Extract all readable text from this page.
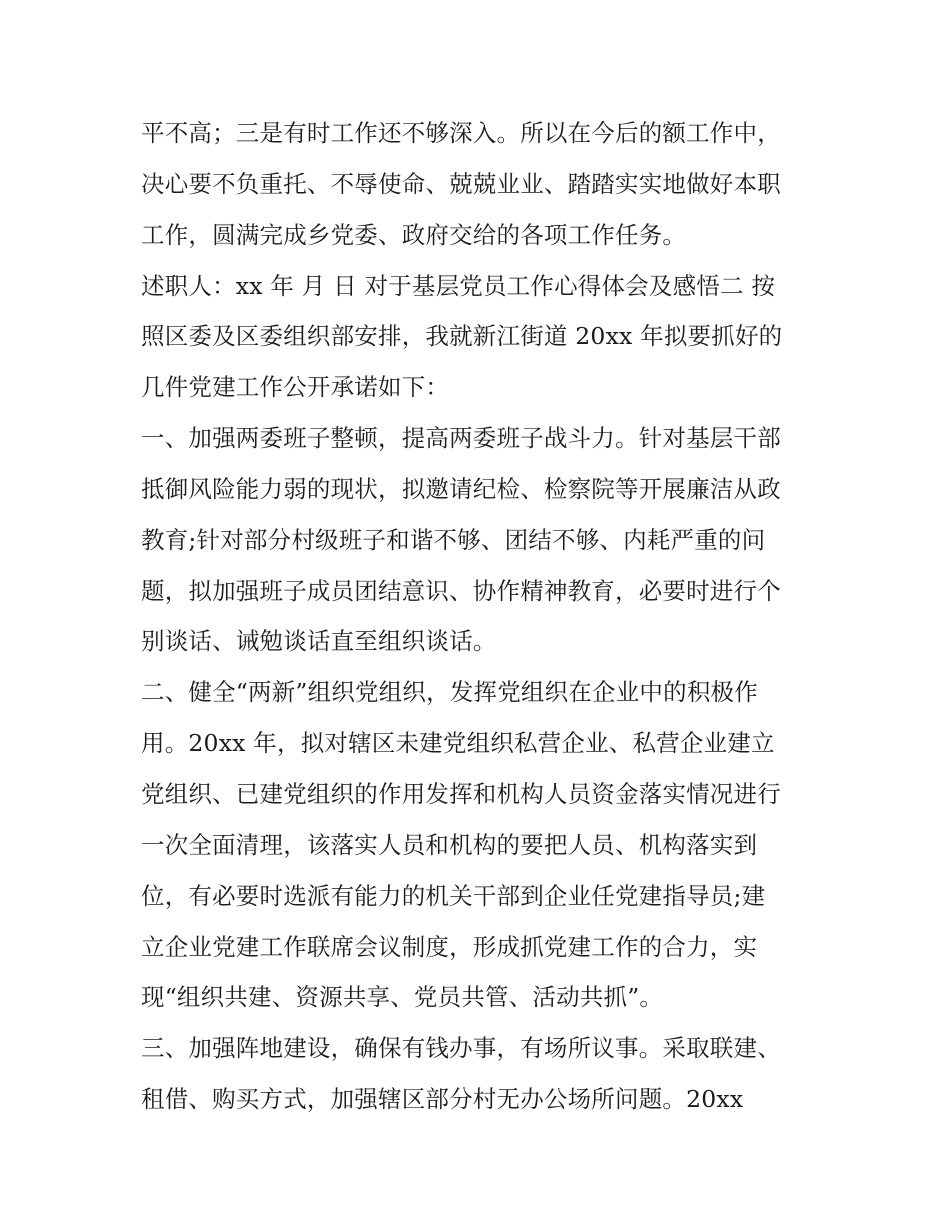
平不高；三是有时工作还不够深入。所以在今后的额工作中，
决心要不负重托、不辱使命、兢兢业业、踏踏实实地做好本职
工作，圆满完成乡党委、政府交给的各项工作任务。
述职人：xx 年 月 日 对于基层党员工作心得体会及感悟二 按
照区委及区委组织部安排，我就新江街道 20xx 年拟要抓好的
几件党建工作公开承诺如下：
一、加强两委班子整顿，提高两委班子战斗力。针对基层干部
抵御风险能力弱的现状，拟邀请纪检、检察院等开展廉洁从政
教育;针对部分村级班子和谐不够、团结不够、内耗严重的问
题，拟加强班子成员团结意识、协作精神教育，必要时进行个
别谈话、诫勉谈话直至组织谈话。
二、健全“两新”组织党组织，发挥党组织在企业中的积极作
用。20xx 年，拟对辖区未建党组织私营企业、私营企业建立
党组织、已建党组织的作用发挥和机构人员资金落实情况进行
一次全面清理，该落实人员和机构的要把人员、机构落实到
位，有必要时选派有能力的机关干部到企业任党建指导员;建
立企业党建工作联席会议制度，形成抓党建工作的合力，实
现“组织共建、资源共享、党员共管、活动共抓”。
三、加强阵地建设，确保有钱办事，有场所议事。采取联建、
租借、购买方式，加强辖区部分村无办公场所问题。20xx
